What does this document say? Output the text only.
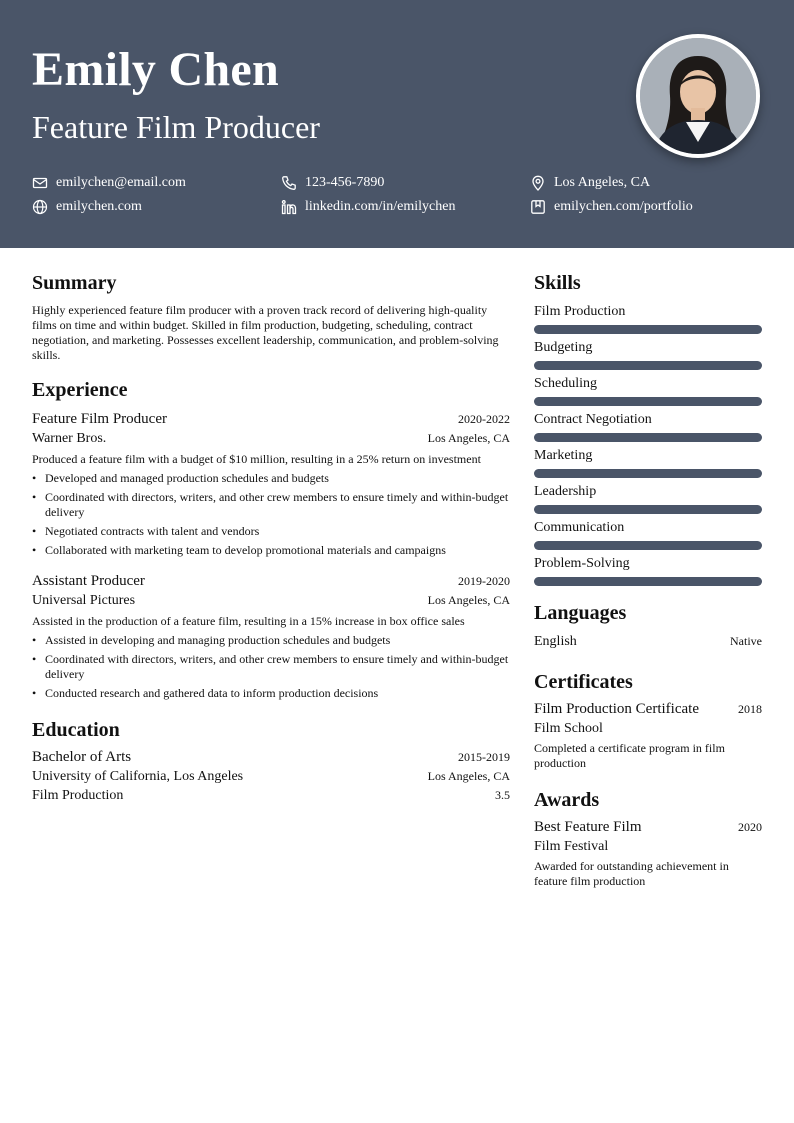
Emily Chen
Feature Film Producer
emilychen@email.com	123-456-7890	Los Angeles, CA
emilychen.com	linkedin.com/in/emilychen	emilychen.com/portfolio
Summary

Highly experienced feature film producer with a proven track record of delivering high-quality films on time and within budget. Skilled in film production, budgeting, scheduling, contract negotiation, and marketing. Possesses excellent leadership, communication, and problem-solving skills.

Experience
Feature Film Producer	2020-2022
Warner Bros.	Los Angeles, CA
Produced a feature film with a budget of $10 million, resulting in a 25% return on investment
• Developed and managed production schedules and budgets
• Coordinated with directors, writers, and other crew members to ensure timely and within-budget delivery
• Negotiated contracts with talent and vendors
• Collaborated with marketing team to develop promotional materials and campaigns
Assistant Producer	2019-2020
Universal Pictures	Los Angeles, CA
Assisted in the production of a feature film, resulting in a 15% increase in box office sales
• Assisted in developing and managing production schedules and budgets
• Coordinated with directors, writers, and other crew members to ensure timely and within-budget delivery
• Conducted research and gathered data to inform production decisions
Education
Bachelor of Arts	2015-2019
University of California, Los Angeles	Los Angeles, CA
Film Production	3.5
Skills
Film Production
Budgeting
Scheduling
Contract Negotiation
Marketing
Leadership
Communication
Problem-Solving
Languages
English	Native
Certificates
Film Production Certificate	2018
Film School
Completed a certificate program in film production
Awards
Best Feature Film	2020
Film Festival
Awarded for outstanding achievement in feature film production
